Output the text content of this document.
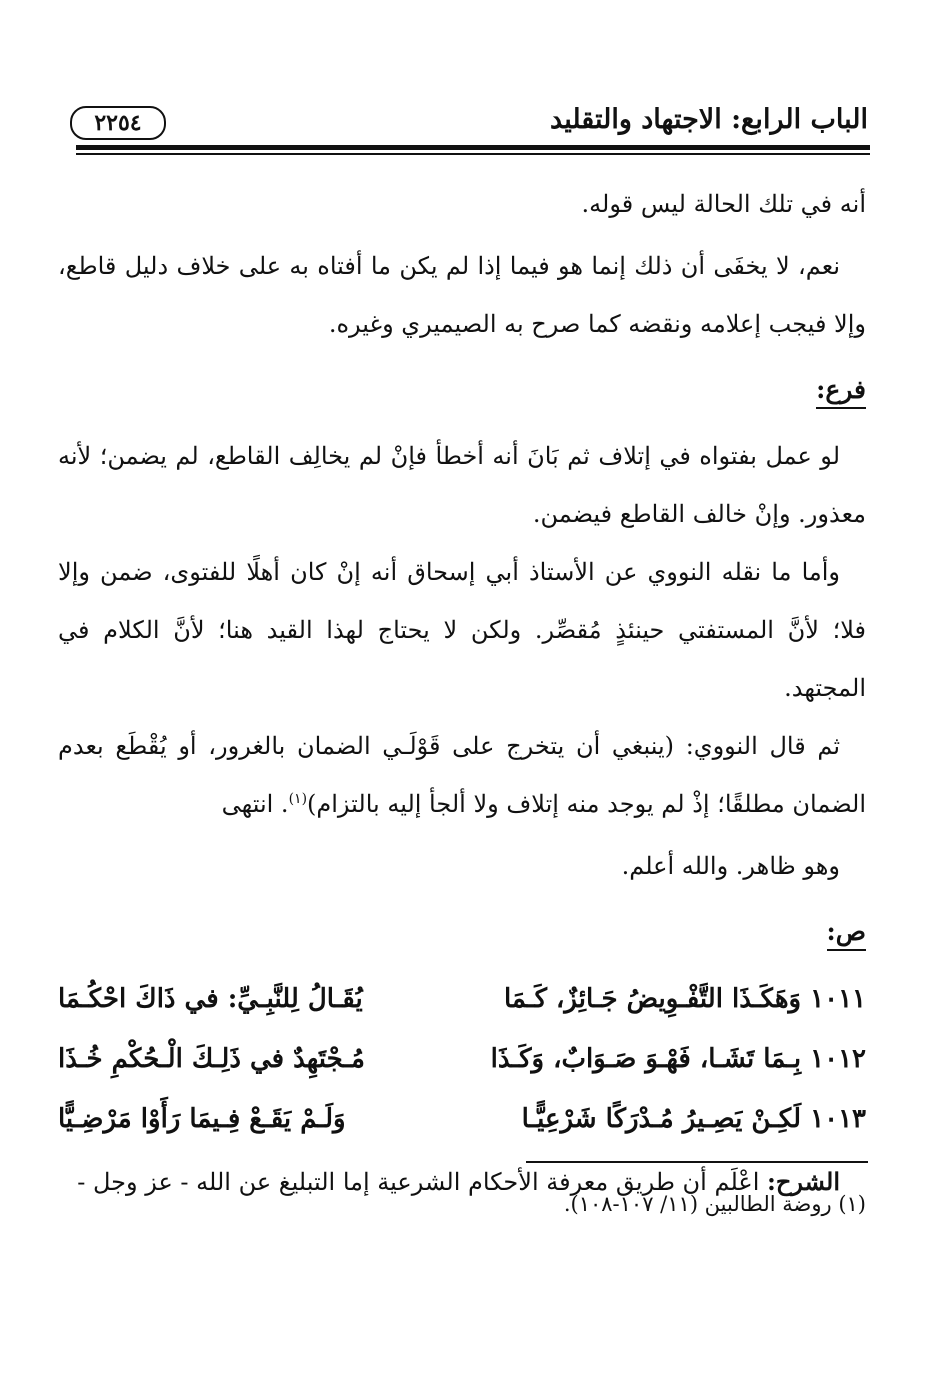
الباب الرابع: الاجتهاد والتقليد
٢٢٥٤

أنه في تلك الحالة ليس قوله.

نعم، لا يخفَى أن ذلك إنما هو فيما إذا لم يكن ما أفتاه به على خلاف دليل قاطع، وإلا فيجب إعلامه ونقضه كما صرح به الصيميري وغيره.

فرع:

لو عمل بفتواه في إتلاف ثم بَانَ أنه أخطأ فإنْ لم يخالِف القاطع، لم يضمن؛ لأنه معذور. وإنْ خالف القاطع فيضمن.

وأما ما نقله النووي عن الأستاذ أبي إسحاق أنه إنْ كان أهلًا للفتوى، ضمن وإلا فلا؛ لأنَّ المستفتي حينئذٍ مُقصِّر. ولكن لا يحتاج لهذا القيد هنا؛ لأنَّ الكلام في المجتهد.

ثم قال النووي: (ينبغي أن يتخرج على قَوْلَـي الضمان بالغرور، أو يُقْطَع بعدم الضمان مطلقًا؛ إذْ لم يوجد منه إتلاف ولا ألجأ إليه بالتزام)$^{(١)}$. انتهى

وهو ظاهر. والله أعلم.

ص:
١٠١١ وَهَكَـذَا التَّفْـوِيضُ جَـائِزٌ، كَـمَا
يُقَـالُ لِلنَّبِـيِّ: في ذَاكَ احْكُـمَا
١٠١٢ بِـمَا تَشَـا، فَهْـوَ صَـوَابٌ، وَكَـذَا
مُـجْتَهِدٌ في ذَلِـكَ الْـحُكْمِ خُـذَا
١٠١٣ لَكِـنْ يَصِـيرُ مُـدْرَكًا شَرْعِيًّـا
وَلَـمْ يَقَـعْ فِـيمَا رَأَوْا مَرْضِـيًّا

الشرح: اعْلَم أن طريق معرفة الأحكام الشرعية إما التبليغ عن الله - عز وجل -

(١) روضة الطالبين (١١/ ١٠٧-١٠٨).
